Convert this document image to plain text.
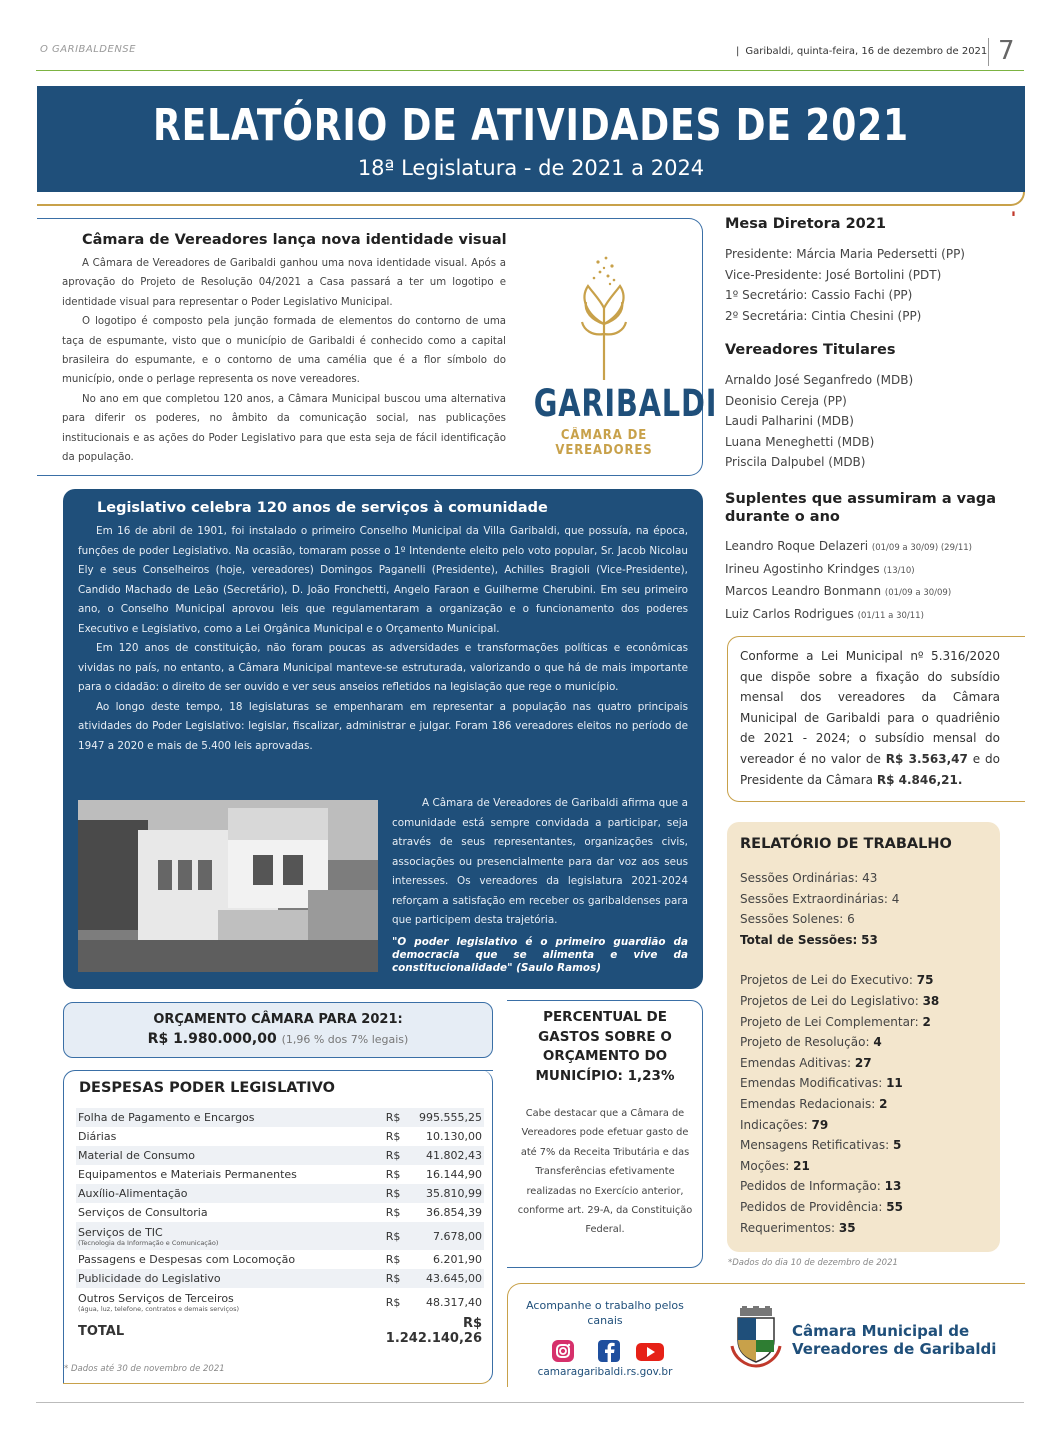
O GARIBALDENSE	| Garibaldi, quinta-feira, 16 de dezembro de 2021 7
▮
RELATÓRIO DE ATIVIDADES DE 2021
18ª Legislatura - de 2021 a 2024
Câmara de Vereadores lança nova identidade visual

A Câmara de Vereadores de Garibaldi ganhou uma nova identidade visual. Após a aprovação do Projeto de Resolução 04/2021 a Casa passará a ter um logotipo e identidade visual para representar o Poder Legislativo Municipal.

O logotipo é composto pela junção formada de elementos do contorno de uma taça de espumante, visto que o município de Garibaldi é conhecido como a capital brasileira do espumante, e o contorno de uma camélia que é a flor símbolo do município, onde o perlage representa os nove vereadores.

No ano em que completou 120 anos, a Câmara Municipal buscou uma alternativa para diferir os poderes, no âmbito da comunicação social, nas publicações institucionais e as ações do Poder Legislativo para que esta seja de fácil identificação da população.

GARIBALDI
CÂMARA DE VEREADORES
Mesa Diretora 2021
Presidente: Márcia Maria Pedersetti (PP)
Vice-Presidente: José Bortolini (PDT)
1º Secretário: Cassio Fachi (PP)
2º Secretária: Cintia Chesini (PP)
Vereadores Titulares
Arnaldo José Seganfredo (MDB)
Deonisio Cereja (PP)
Laudi Palharini (MDB)
Luana Meneghetti (MDB)
Priscila Dalpubel (MDB)
Suplentes que assumiram a vaga durante o ano
Leandro Roque Delazeri (01/09 a 30/09) (29/11)
Irineu Agostinho Krindges (13/10)
Marcos Leandro Bonmann (01/09 a 30/09)
Luiz Carlos Rodrigues (01/11 a 30/11)
Conforme a Lei Municipal nº 5.316/2020 que dispõe sobre a fixação do subsídio mensal dos vereadores da Câmara Municipal de Garibaldi para o quadriênio de 2021 - 2024; o subsídio mensal do vereador é no valor de R$ 3.563,47 e do Presidente da Câmara R$ 4.846,21.
RELATÓRIO DE TRABALHO
Sessões Ordinárias: 43
Sessões Extraordinárias: 4
Sessões Solenes: 6
Total de Sessões: 53
Projetos de Lei do Executivo: 75
Projetos de Lei do Legislativo: 38
Projeto de Lei Complementar: 2
Projeto de Resolução: 4
Emendas Aditivas: 27
Emendas Modificativas: 11
Emendas Redacionais: 2
Indicações: 79
Mensagens Retificativas: 5
Moções: 21
Pedidos de Informação: 13
Pedidos de Providência: 55
Requerimentos: 35
*Dados do dia 10 de dezembro de 2021
Legislativo celebra 120 anos de serviços à comunidade

Em 16 de abril de 1901, foi instalado o primeiro Conselho Municipal da Villa Garibaldi, que possuía, na época, funções de poder Legislativo. Na ocasião, tomaram posse o 1º Intendente eleito pelo voto popular, Sr. Jacob Nicolau Ely e seus Conselheiros (hoje, vereadores) Domingos Paganelli (Presidente), Achilles Bragioli (Vice-Presidente), Candido Machado de Leão (Secretário), D. João Fronchetti, Angelo Faraon e Guilherme Cherubini. Em seu primeiro ano, o Conselho Municipal aprovou leis que regulamentaram a organização e o funcionamento dos poderes Executivo e Legislativo, como a Lei Orgânica Municipal e o Orçamento Municipal.

Em 120 anos de constituição, não foram poucas as adversidades e transformações políticas e econômicas vividas no país, no entanto, a Câmara Municipal manteve-se estruturada, valorizando o que há de mais importante para o cidadão: o direito de ser ouvido e ver seus anseios refletidos na legislação que rege o município.

Ao longo deste tempo, 18 legislaturas se empenharam em representar a população nas quatro principais atividades do Poder Legislativo: legislar, fiscalizar, administrar e julgar. Foram 186 vereadores eleitos no período de 1947 a 2020 e mais de 5.400 leis aprovadas.

A Câmara de Vereadores de Garibaldi afirma que a comunidade está sempre convidada a participar, seja através de seus representantes, organizações civis, associações ou presencialmente para dar voz aos seus interesses. Os vereadores da legislatura 2021-2024 reforçam a satisfação em receber os garibaldenses para que participem desta trajetória.
"O poder legislativo é o primeiro guardião da democracia que se alimenta e vive da constitucionalidade" (Saulo Ramos)
ORÇAMENTO CÂMARA PARA 2021:
R$ 1.980.000,00 (1,96 % dos 7% legais)
DESPESAS PODER LEGISLATIVO
Folha de Pagamento e Encargos	R$	995.555,25
Diárias	R$	10.130,00
Material de Consumo	R$	41.802,43
Equipamentos e Materiais Permanentes	R$	16.144,90
Auxílio-Alimentação	R$	35.810,99
Serviços de Consultoria	R$	36.854,39
Serviços de TIC
(Tecnologia da Informação e Comunicação)	R$	7.678,00
Passagens e Despesas com Locomoção	R$	6.201,90
Publicidade do Legislativo	R$	43.645,00
Outros Serviços de Terceiros
(água, luz, telefone, contratos e demais serviços)	R$	48.317,40
TOTAL	R$ 1.242.140,26	
* Dados até 30 de novembro de 2021
PERCENTUAL DE GASTOS SOBRE O ORÇAMENTO DO MUNICÍPIO: 1,23%
Cabe destacar que a Câmara de Vereadores pode efetuar gasto de até 7% da Receita Tributária e das Transferências efetivamente realizadas no Exercício anterior, conforme art. 29-A, da Constituição Federal.
Acompanhe o trabalho pelos canais
camaragaribaldi.rs.gov.br
Câmara Municipal de
Vereadores de Garibaldi
